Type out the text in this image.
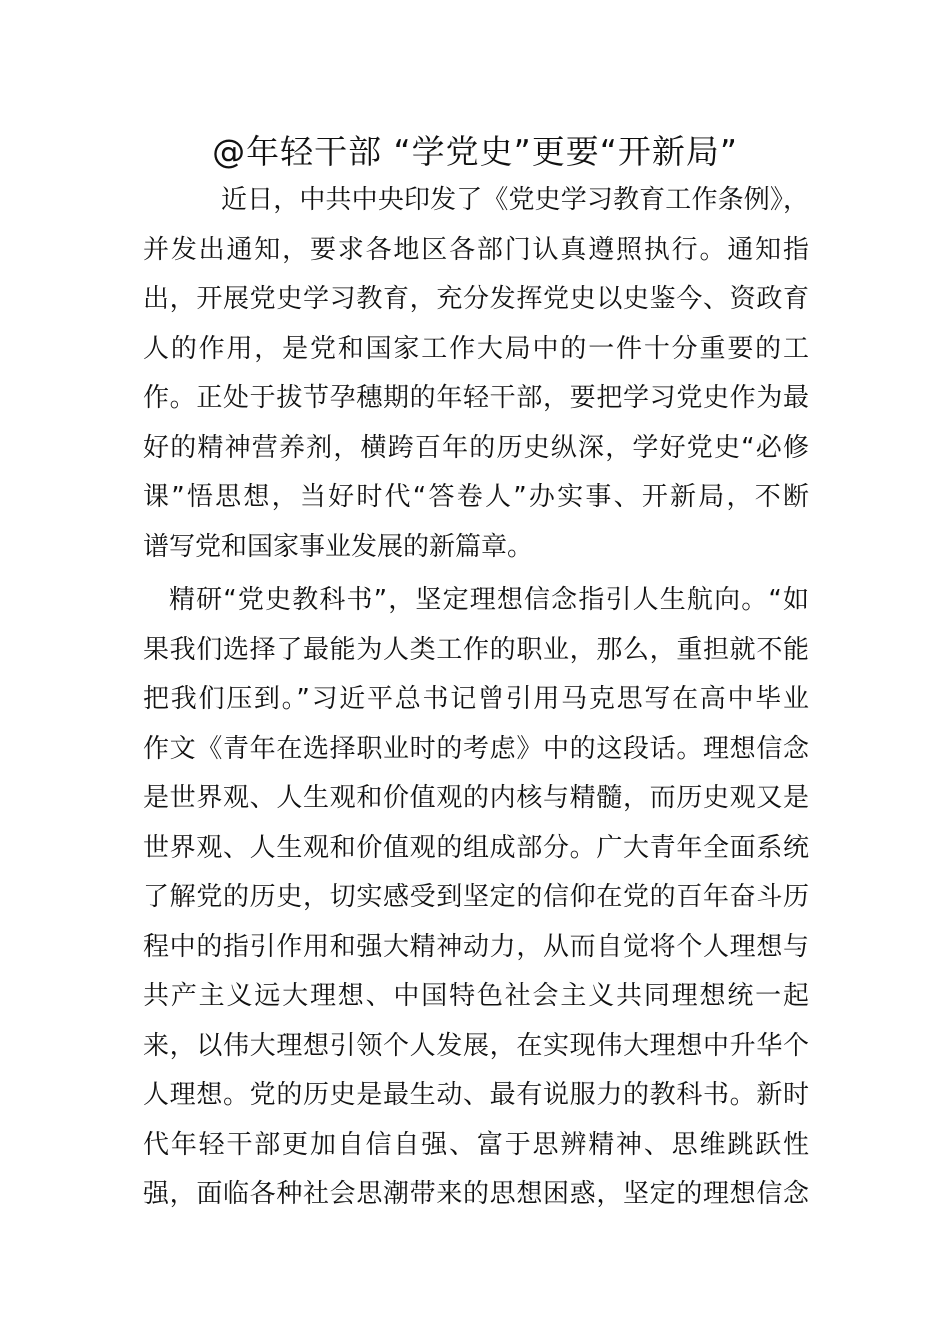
@年轻干部 “学党史”更要“开新局”
近日，中共中央印发了《党史学习教育工作条例》，
并发出通知，要求各地区各部门认真遵照执行。通知指
出，开展党史学习教育，充分发挥党史以史鉴今、资政育
人的作用，是党和国家工作大局中的一件十分重要的工
作。正处于拔节孕穗期的年轻干部，要把学习党史作为最
好的精神营养剂，横跨百年的历史纵深，学好党史“必修
课”悟思想，当好时代“答卷人”办实事、开新局，不断
谱写党和国家事业发展的新篇章。
精研“党史教科书”，坚定理想信念指引人生航向。“如
果我们选择了最能为人类工作的职业，那么，重担就不能
把我们压到。”习近平总书记曾引用马克思写在高中毕业
作文《青年在选择职业时的考虑》中的这段话。理想信念
是世界观、人生观和价值观的内核与精髓，而历史观又是
世界观、人生观和价值观的组成部分。广大青年全面系统
了解党的历史，切实感受到坚定的信仰在党的百年奋斗历
程中的指引作用和强大精神动力，从而自觉将个人理想与
共产主义远大理想、中国特色社会主义共同理想统一起
来，以伟大理想引领个人发展，在实现伟大理想中升华个
人理想。党的历史是最生动、最有说服力的教科书。新时
代年轻干部更加自信自强、富于思辨精神、思维跳跃性
强，面临各种社会思潮带来的思想困惑，坚定的理想信念
